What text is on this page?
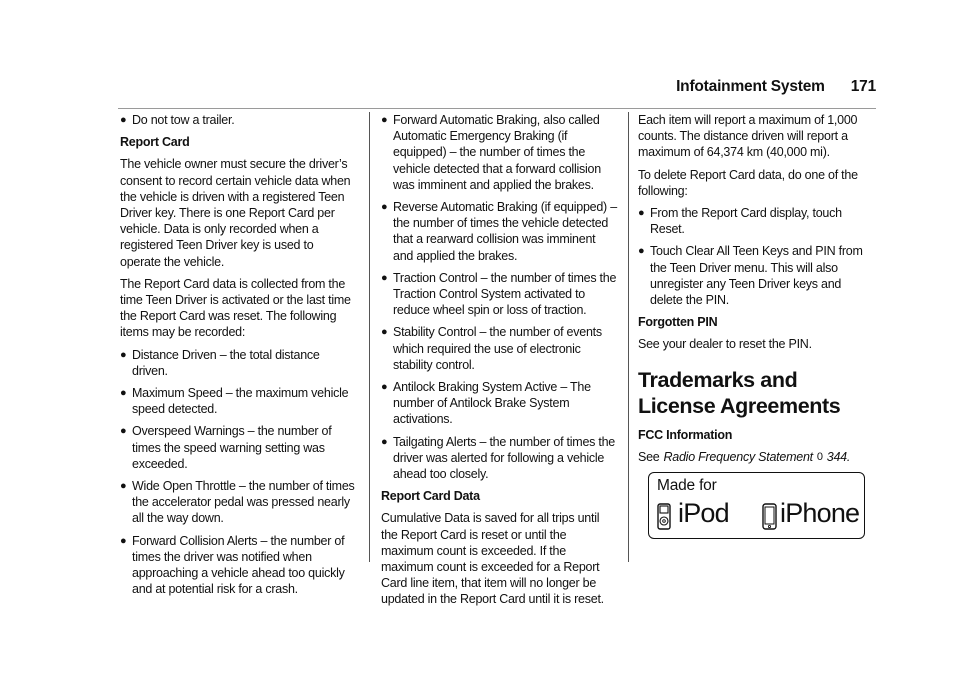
Infotainment System 171
● Do not tow a trailer.

Report Card

The vehicle owner must secure the driver’s consent to record certain vehicle data when the vehicle is driven with a registered Teen Driver key. There is one Report Card per vehicle. Data is only recorded when a registered Teen Driver key is used to operate the vehicle.

The Report Card data is collected from the time Teen Driver is activated or the last time the Report Card was reset. The following items may be recorded:

● Distance Driven – the total distance driven.
● Maximum Speed – the maximum vehicle speed detected.
● Overspeed Warnings – the number of times the speed warning setting was exceeded.
● Wide Open Throttle – the number of times the accelerator pedal was pressed nearly all the way down.
● Forward Collision Alerts – the number of times the driver was notified when approaching a vehicle ahead too quickly and at potential risk for a crash.
● Forward Automatic Braking, also called Automatic Emergency Braking (if equipped) – the number of times the vehicle detected that a forward collision was imminent and applied the brakes.
● Reverse Automatic Braking (if equipped) – the number of times the vehicle detected that a rearward collision was imminent and applied the brakes.
● Traction Control – the number of times the Traction Control System activated to reduce wheel spin or loss of traction.
● Stability Control – the number of events which required the use of electronic stability control.
● Antilock Braking System Active – The number of Antilock Brake System activations.
● Tailgating Alerts – the number of times the driver was alerted for following a vehicle ahead too closely.

Report Card Data

Cumulative Data is saved for all trips until the Report Card is reset or until the maximum count is exceeded. If the maximum count is exceeded for a Report Card line item, that item will no longer be updated in the Report Card until it is reset.

Each item will report a maximum of 1,000 counts. The distance driven will report a maximum of 64,374 km (40,000 mi).

To delete Report Card data, do one of the following:

● From the Report Card display, touch Reset.
● Touch Clear All Teen Keys and PIN from the Teen Driver menu. This will also unregister any Teen Driver keys and delete the PIN.

Forgotten PIN

See your dealer to reset the PIN.

Trademarks and License Agreements

FCC Information

See Radio Frequency Statement 0 344.

Made for
iPod iPhone
